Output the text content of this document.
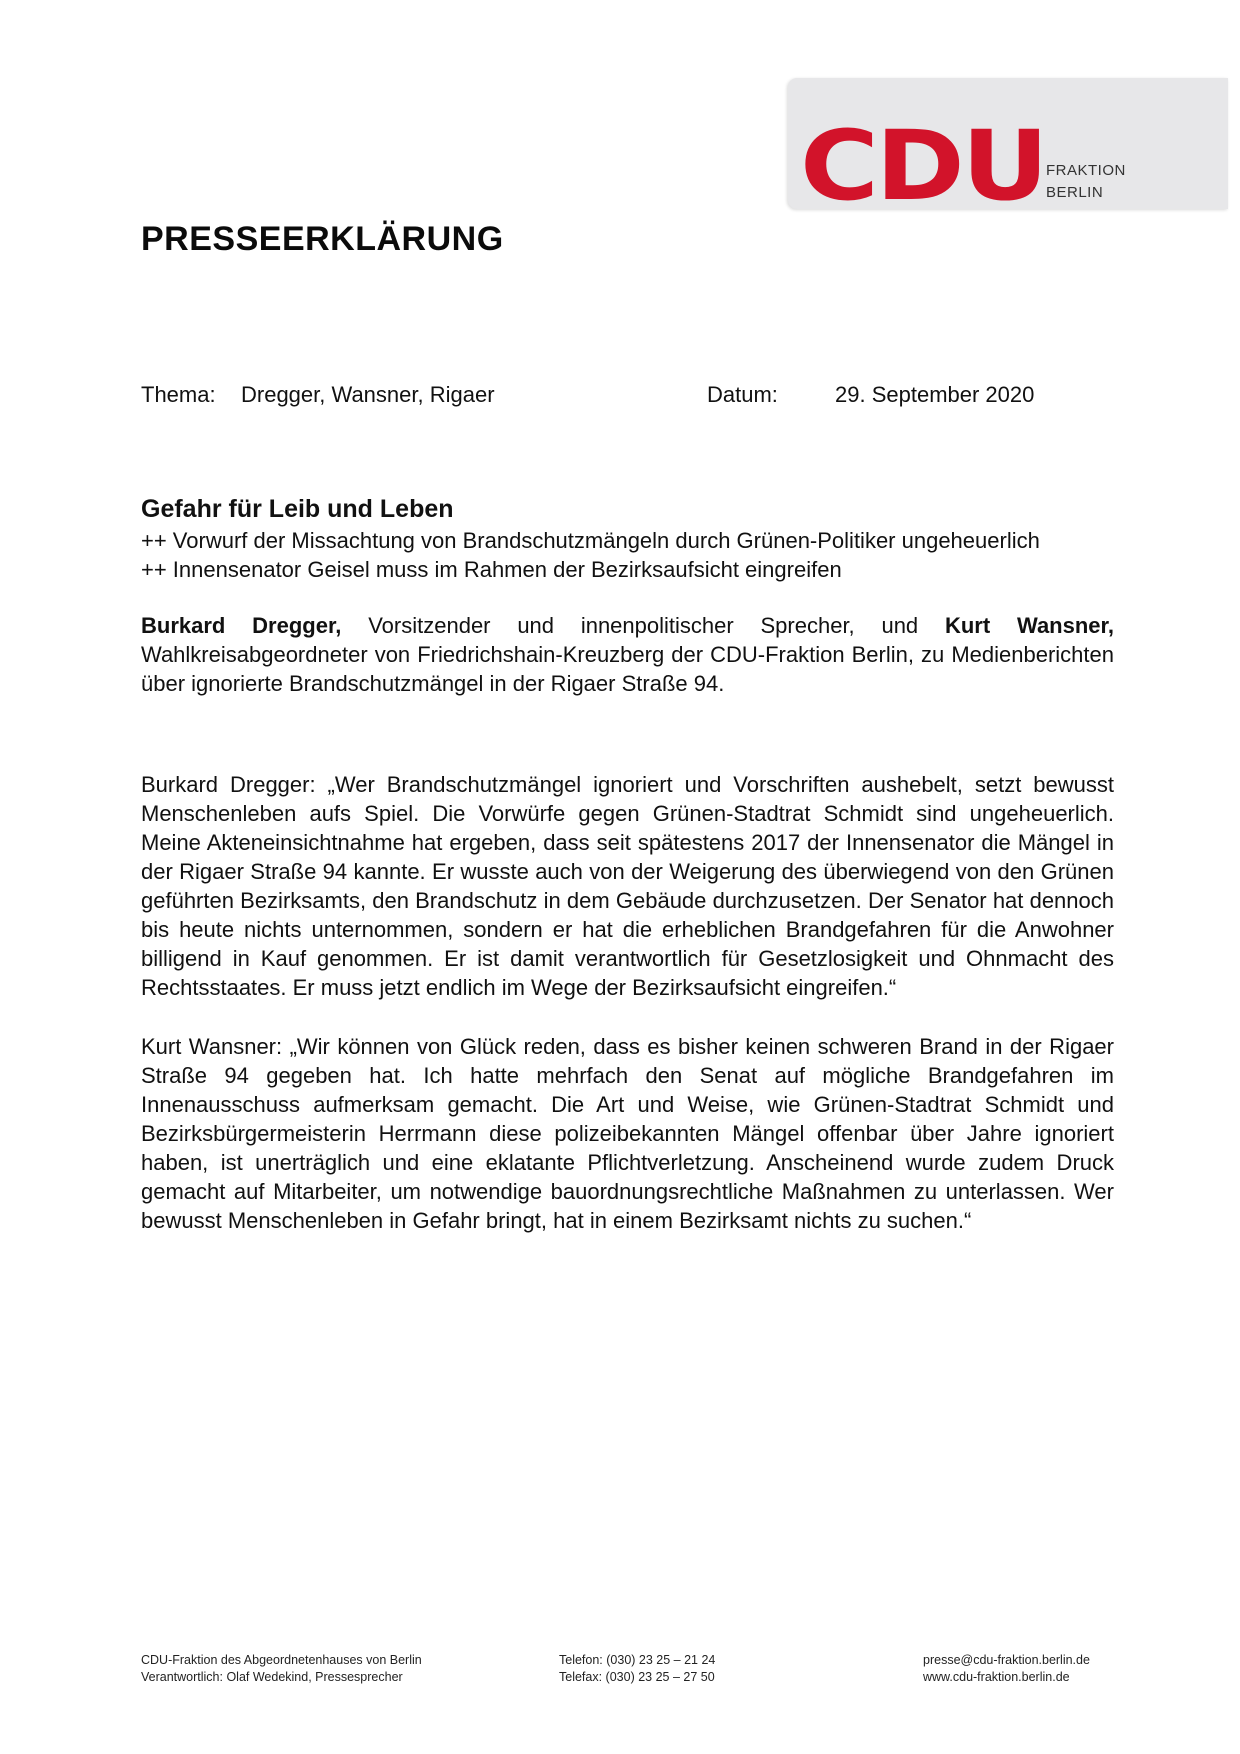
CDU FRAKTION
BERLIN
PRESSEERKLÄRUNG
Thema: Dregger, Wansner, Rigaer	Datum:	29. September 2020
Gefahr für Leib und Leben

++ Vorwurf der Missachtung von Brandschutzmängeln durch Grünen-Politiker ungeheuerlich

++ Innensenator Geisel muss im Rahmen der Bezirksaufsicht eingreifen

Burkard Dregger, Vorsitzender und innenpolitischer Sprecher, und Kurt Wansner, Wahlkreisabgeordneter von Friedrichshain-Kreuzberg der CDU-Fraktion Berlin, zu Medienberichten über ignorierte Brandschutzmängel in der Rigaer Straße 94.

Burkard Dregger: „Wer Brandschutzmängel ignoriert und Vorschriften aushebelt, setzt bewusst Menschenleben aufs Spiel. Die Vorwürfe gegen Grünen-Stadtrat Schmidt sind ungeheuerlich. Meine Akteneinsichtnahme hat ergeben, dass seit spätestens 2017 der Innensenator die Mängel in der Rigaer Straße 94 kannte. Er wusste auch von der Weigerung des überwiegend von den Grünen geführten Bezirksamts, den Brandschutz in dem Gebäude durchzusetzen. Der Senator hat dennoch bis heute nichts unternommen, sondern er hat die erheblichen Brandgefahren für die Anwohner billigend in Kauf genommen. Er ist damit verantwortlich für Gesetzlosigkeit und Ohnmacht des Rechtsstaates. Er muss jetzt endlich im Wege der Bezirksaufsicht eingreifen.“

Kurt Wansner: „Wir können von Glück reden, dass es bisher keinen schweren Brand in der Rigaer Straße 94 gegeben hat. Ich hatte mehrfach den Senat auf mögliche Brandgefahren im Innenausschuss aufmerksam gemacht. Die Art und Weise, wie Grünen-Stadtrat Schmidt und Bezirksbürgermeisterin Herrmann diese polizeibekannten Mängel offenbar über Jahre ignoriert haben, ist unerträglich und eine eklatante Pflichtverletzung. Anscheinend wurde zudem Druck gemacht auf Mitarbeiter, um notwendige bauordnungsrechtliche Maßnahmen zu unterlassen. Wer bewusst Menschenleben in Gefahr bringt, hat in einem Bezirksamt nichts zu suchen.“

CDU-Fraktion des Abgeordnetenhauses von Berlin
Verantwortlich: Olaf Wedekind, Pressesprecher
Telefon: (030) 23 25 – 21 24
Telefax: (030) 23 25 – 27 50
presse@cdu-fraktion.berlin.de
www.cdu-fraktion.berlin.de
